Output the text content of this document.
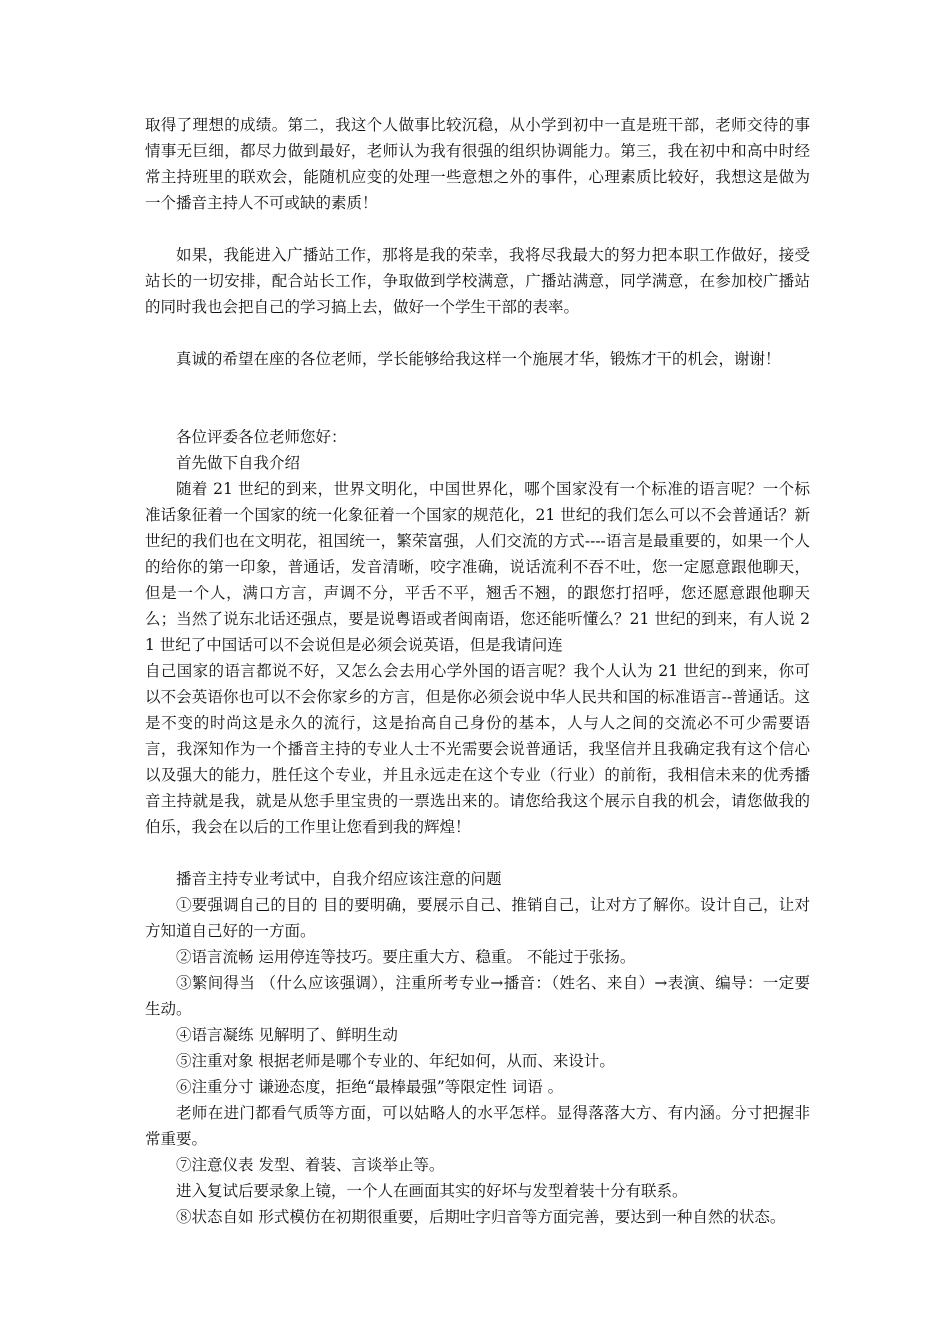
取得了理想的成绩。第二，我这个人做事比较沉稳，从小学到初中一直是班干部，老师交待的事情事无巨细，都尽力做到最好，老师认为我有很强的组织协调能力。第三，我在初中和高中时经常主持班里的联欢会，能随机应变的处理一些意想之外的事件，心理素质比较好，我想这是做为一个播音主持人不可或缺的素质！

如果，我能进入广播站工作，那将是我的荣幸，我将尽我最大的努力把本职工作做好，接受站长的一切安排，配合站长工作，争取做到学校满意，广播站满意，同学满意，在参加校广播站的同时我也会把自己的学习搞上去，做好一个学生干部的表率。

真诚的希望在座的各位老师，学长能够给我这样一个施展才华，锻炼才干的机会，谢谢！

各位评委各位老师您好：

首先做下自我介绍

随着 21 世纪的到来，世界文明化，中国世界化，哪个国家没有一个标准的语言呢？一个标准话象征着一个国家的统一化象征着一个国家的规范化，21 世纪的我们怎么可以不会普通话？新世纪的我们也在文明花，祖国统一，繁荣富强，人们交流的方式----语言是最重要的，如果一个人的给你的第一印象，普通话，发音清晰，咬字准确，说话流利不吞不吐，您一定愿意跟他聊天，但是一个人，满口方言，声调不分，平舌不平，翘舌不翘，的跟您打招呼，您还愿意跟他聊天么；当然了说东北话还强点，要是说粤语或者闽南语，您还能听懂么？21 世纪的到来，有人说 21 世纪了中国话可以不会说但是必须会说英语，但是我请问连

自己国家的语言都说不好，又怎么会去用心学外国的语言呢？我个人认为 21 世纪的到来，你可以不会英语你也可以不会你家乡的方言，但是你必须会说中华人民共和国的标准语言--普通话。这是不变的时尚这是永久的流行，这是抬高自己身份的基本，人与人之间的交流必不可少需要语言，我深知作为一个播音主持的专业人士不光需要会说普通话，我坚信并且我确定我有这个信心以及强大的能力，胜任这个专业，并且永远走在这个专业（行业）的前衔，我相信未来的优秀播音主持就是我，就是从您手里宝贵的一票选出来的。请您给我这个展示自我的机会，请您做我的伯乐，我会在以后的工作里让您看到我的辉煌！

播音主持专业考试中，自我介绍应该注意的问题

①要强调自己的目的 目的要明确，要展示自己、推销自己，让对方了解你。设计自己，让对方知道自己好的一方面。

②语言流畅 运用停连等技巧。要庄重大方、稳重。 不能过于张扬。

③繁间得当 （什么应该强调），注重所考专业→播音：（姓名、来自）→表演、编导：一定要生动。

④语言凝练 见解明了、鲜明生动

⑤注重对象 根据老师是哪个专业的、年纪如何，从而、来设计。

⑥注重分寸 谦逊态度，拒绝“最棒最强”等限定性 词语 。

老师在进门都看气质等方面，可以姑略人的水平怎样。显得落落大方、有内涵。分寸把握非常重要。

⑦注意仪表 发型、着装、言谈举止等。

进入复试后要录象上镜，一个人在画面其实的好坏与发型着装十分有联系。

⑧状态自如 形式模仿在初期很重要，后期吐字归音等方面完善，要达到一种自然的状态。
